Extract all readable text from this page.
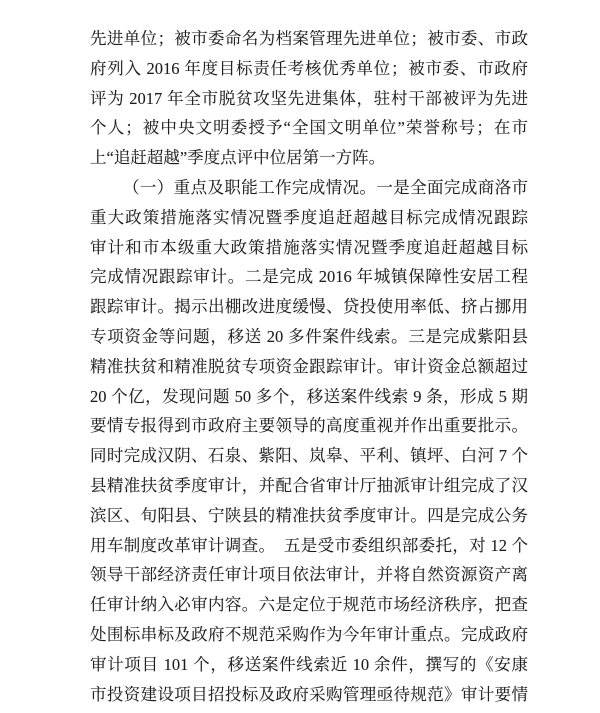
先进单位；被市委命名为档案管理先进单位；被市委、市政
府列入 2016 年度目标责任考核优秀单位；被市委、市政府
评为 2017 年全市脱贫攻坚先进集体，驻村干部被评为先进
个人；被中央文明委授予“全国文明单位”荣誉称号；在市
上“追赶超越”季度点评中位居第一方阵。
（一）重点及职能工作完成情况。一是全面完成商洛市
重大政策措施落实情况暨季度追赶超越目标完成情况跟踪
审计和市本级重大政策措施落实情况暨季度追赶超越目标
完成情况跟踪审计。二是完成 2016 年城镇保障性安居工程
跟踪审计。揭示出棚改进度缓慢、贷投使用率低、挤占挪用
专项资金等问题，移送 20 多件案件线索。三是完成紫阳县
精准扶贫和精准脱贫专项资金跟踪审计。审计资金总额超过
20 个亿，发现问题 50 多个，移送案件线索 9 条，形成 5 期
要情专报得到市政府主要领导的高度重视并作出重要批示。
同时完成汉阴、石泉、紫阳、岚皋、平利、镇坪、白河 7 个
县精准扶贫季度审计，并配合省审计厅抽派审计组完成了汉
滨区、旬阳县、宁陕县的精准扶贫季度审计。四是完成公务
用车制度改革审计调查。 五是受市委组织部委托，对 12 个
领导干部经济责任审计项目依法审计，并将自然资源资产离
任审计纳入必审内容。六是定位于规范市场经济秩序，把查
处围标串标及政府不规范采购作为今年审计重点。完成政府
审计项目 101 个，移送案件线索近 10 余件，撰写的《安康
市投资建设项目招投标及政府采购管理亟待规范》审计要情
